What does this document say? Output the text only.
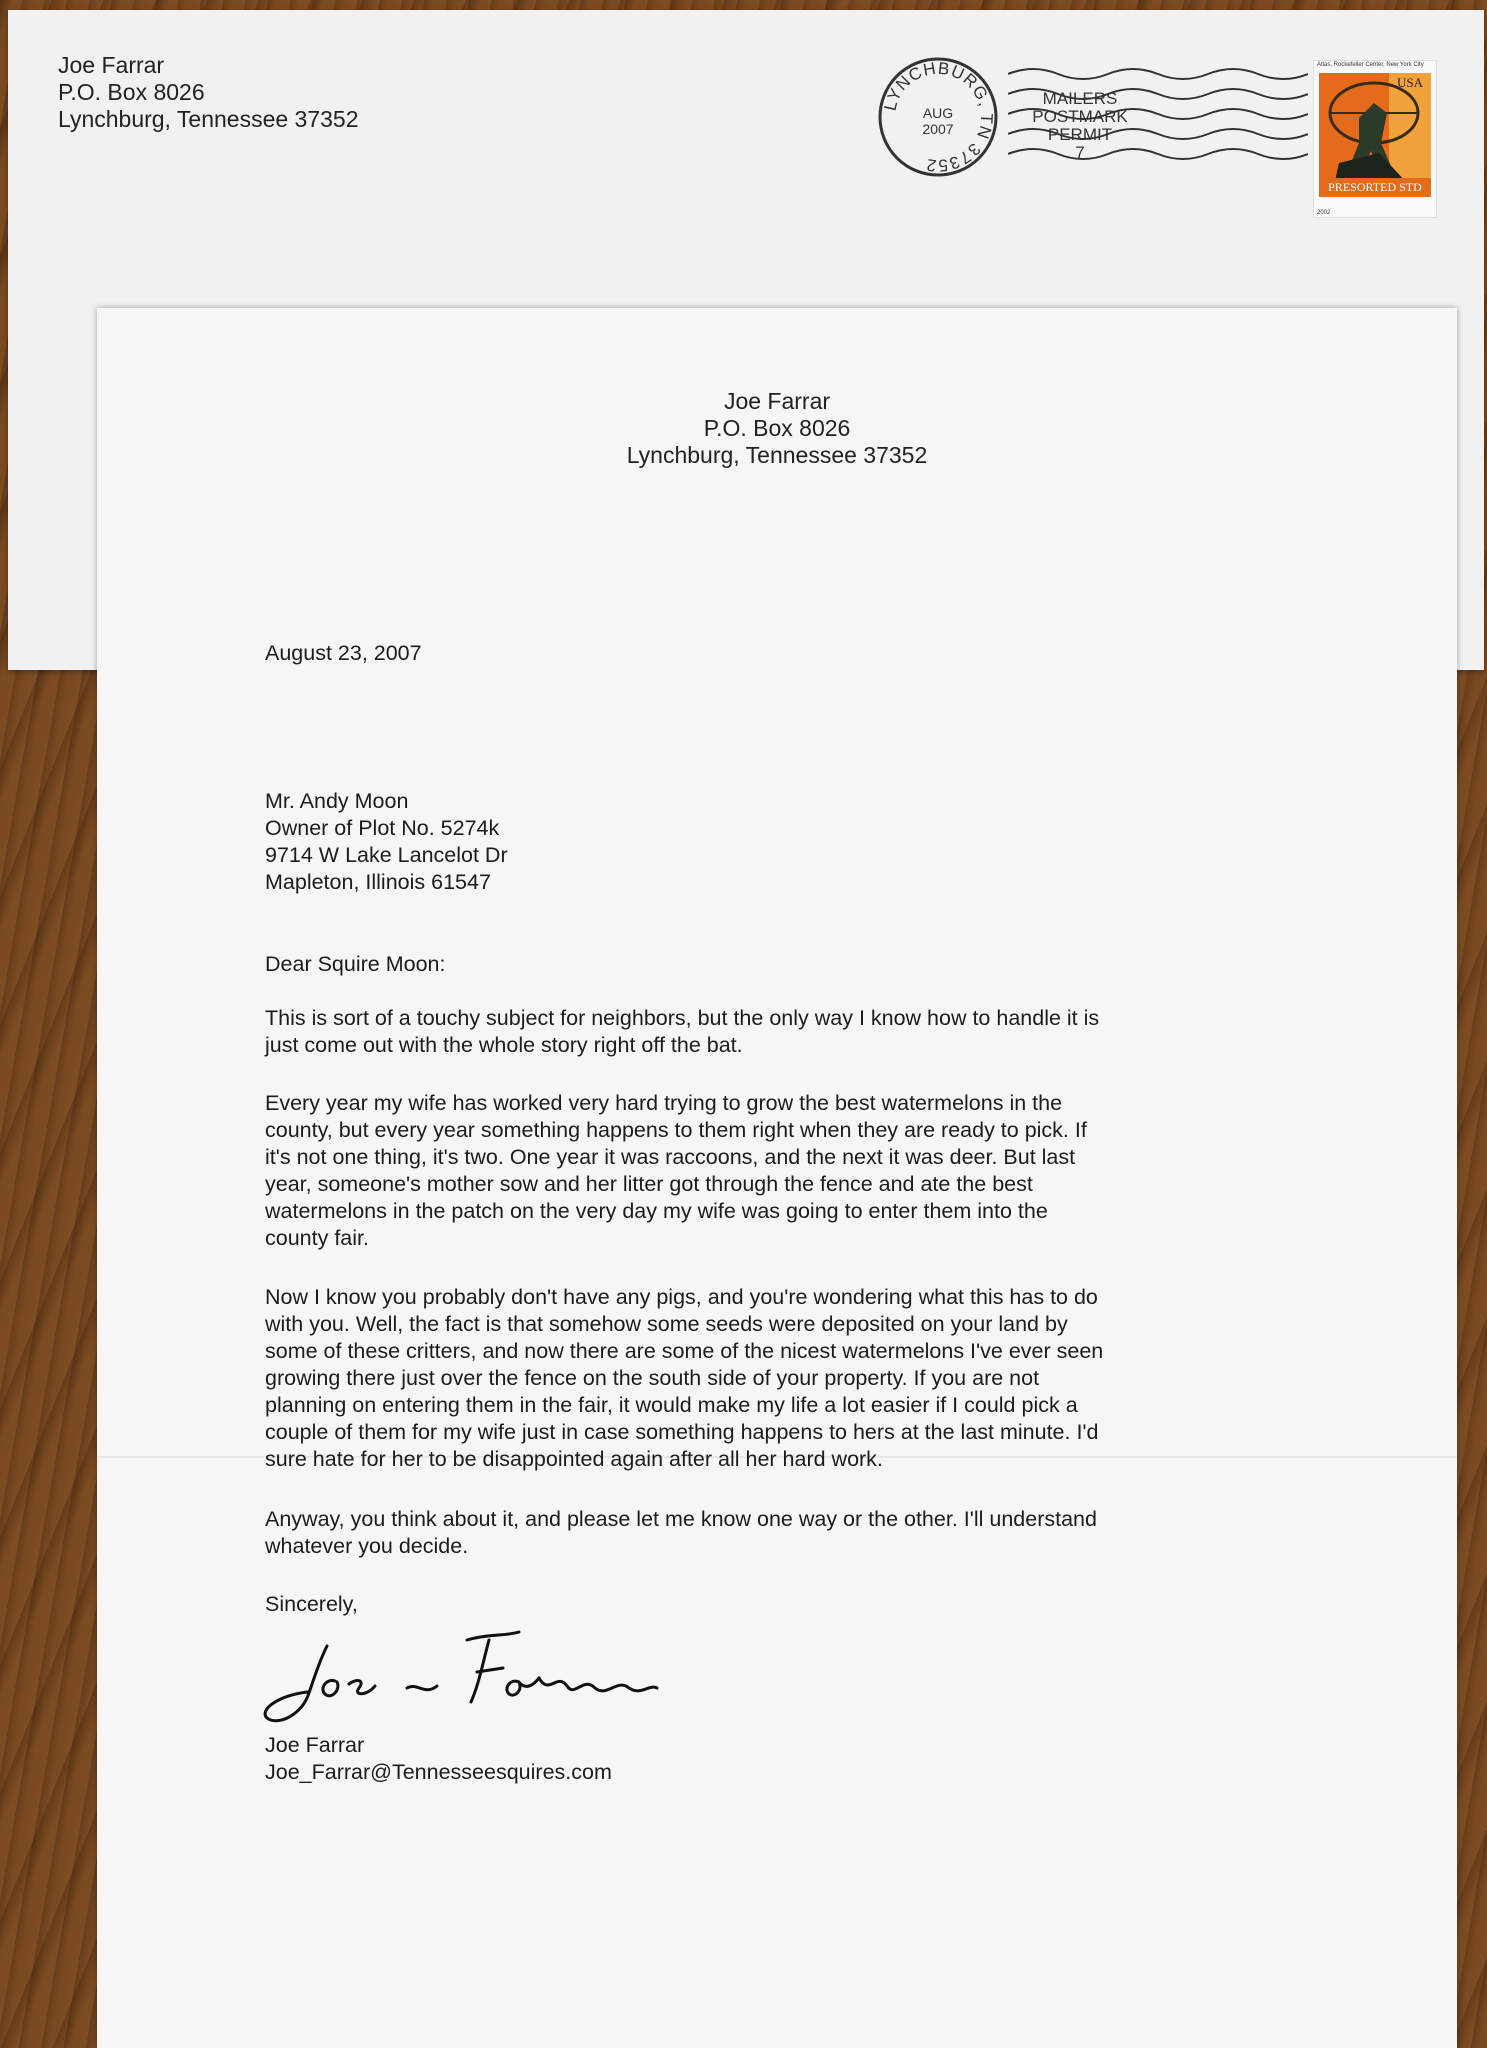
Joe Farrar
P.O. Box 8026
Lynchburg, Tennessee 37352
LYNCHBURG, TN 37352
AUG
2007
MAILERS
POSTMARK
PERMIT
7
Atlas, Rockefeller Center, New York City
USA
PRESORTED STD
2002
Joe Farrar
P.O. Box 8026
Lynchburg, Tennessee 37352
August 23, 2007
Mr. Andy Moon
Owner of Plot No. 5274k
9714 W Lake Lancelot Dr
Mapleton, Illinois 61547
Dear Squire Moon:
This is sort of a touchy subject for neighbors, but the only way I know how to handle it is
just come out with the whole story right off the bat.
Every year my wife has worked very hard trying to grow the best watermelons in the
county, but every year something happens to them right when they are ready to pick. If
it's not one thing, it's two. One year it was raccoons, and the next it was deer. But last
year, someone's mother sow and her litter got through the fence and ate the best
watermelons in the patch on the very day my wife was going to enter them into the
county fair.
Now I know you probably don't have any pigs, and you're wondering what this has to do
with you. Well, the fact is that somehow some seeds were deposited on your land by
some of these critters, and now there are some of the nicest watermelons I've ever seen
growing there just over the fence on the south side of your property. If you are not
planning on entering them in the fair, it would make my life a lot easier if I could pick a
couple of them for my wife just in case something happens to hers at the last minute. I'd
sure hate for her to be disappointed again after all her hard work.
Anyway, you think about it, and please let me know one way or the other. I'll understand
whatever you decide.
Sincerely,
Joe Farrar
Joe_Farrar@Tennesseesquires.com
